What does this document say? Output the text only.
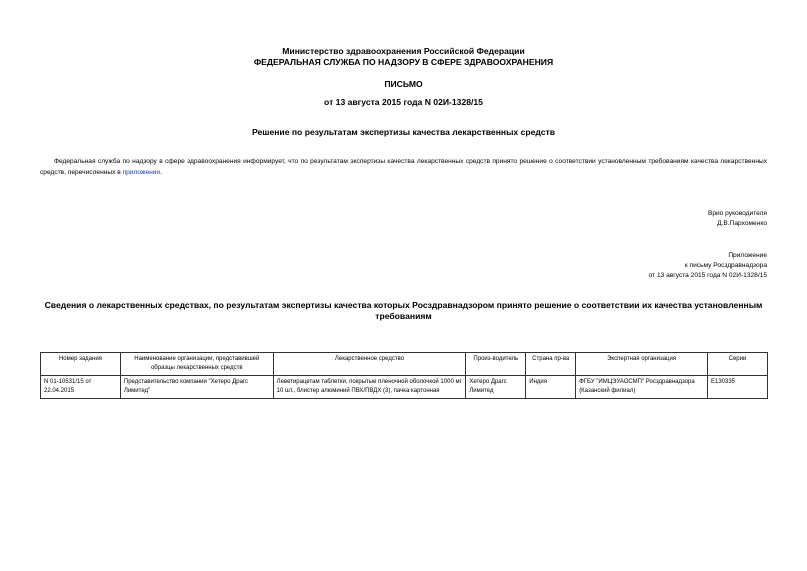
Министерство здравоохранения Российской Федерации
ФЕДЕРАЛЬНАЯ СЛУЖБА ПО НАДЗОРУ В СФЕРЕ ЗДРАВООХРАНЕНИЯ
ПИСЬМО
от 13 августа 2015 года N 02И-1328/15
Решение по результатам экспертизы качества лекарственных средств
Федеральная служба по надзору в сфере здравоохранения информирует, что по результатам экспертизы качества лекарственных средств принято решение о соответствии установленным требованиям качества лекарственных средств, перечисленных в приложении.
Врио руководителя
Д.В.Пархоменко
Приложение
к письму Росздравнадзора
от 13 августа 2015 года N 02И-1328/15
Сведения о лекарственных средствах, по результатам экспертизы качества которых Росздравнадзором принято решение о соответствии их качества установленным требованиям
Номер задания	Наименование организации, представившей образцы лекарственных средств	Лекарственное средство	Произ-водитель	Страна пр-ва	Экспертная организация	Серии
N 01-10531/15 от 22.04.2015	Представительство компании "Хетеро Драгс Лимитед"	Леветирацетам таблетки, покрытые пленочной оболочкой 1000 мг 10 шт., блистер алюминий ПВХ/ПВДХ (3), пачка картонная	Хетеро Драгс Лимитед	Индия	ФГБУ "ИМЦЭУАОСМП" Росздравнадзора (Казанский филиал)	E130335
